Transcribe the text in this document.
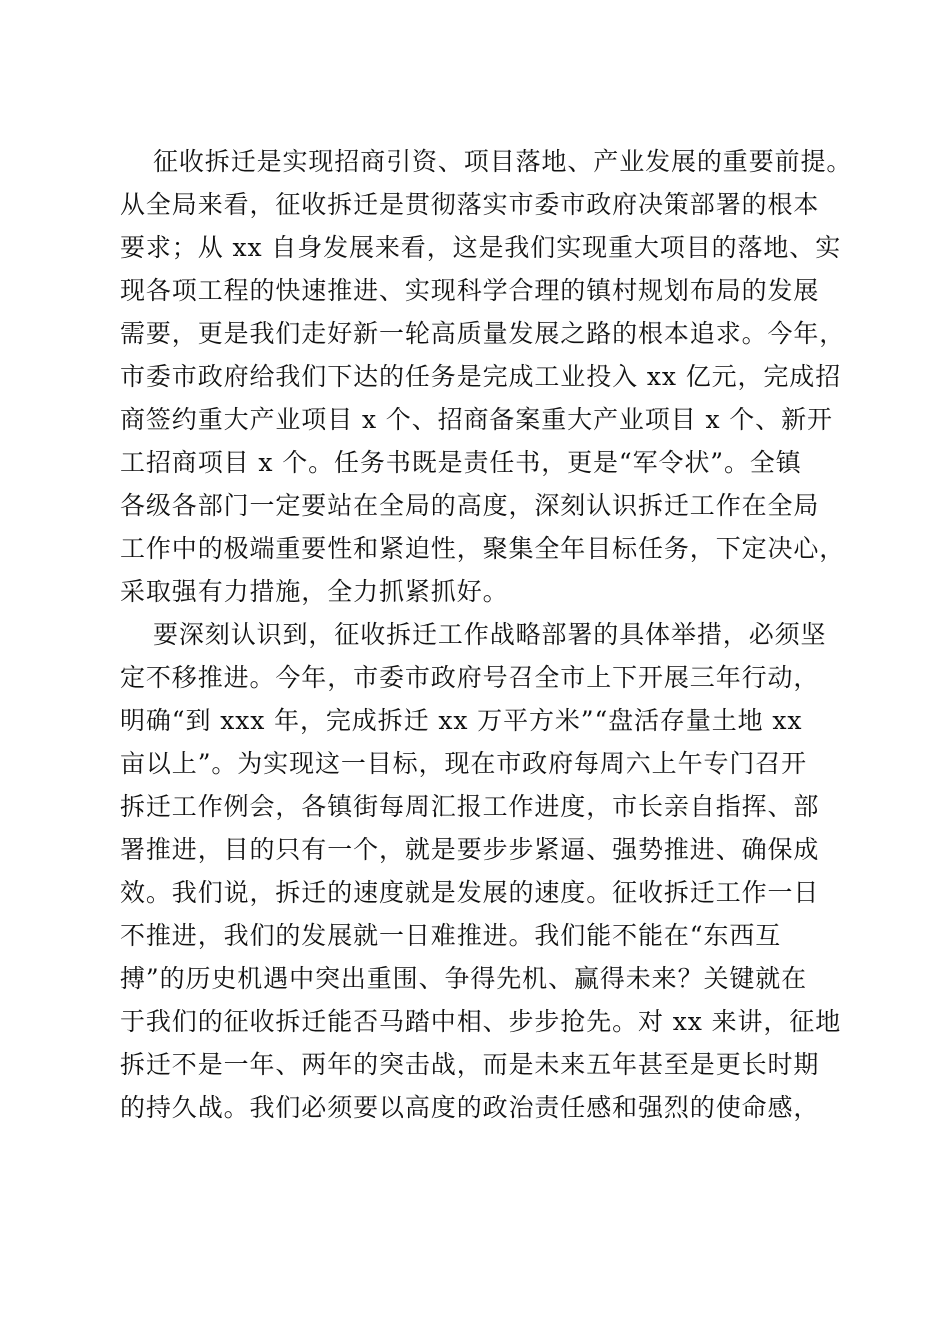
征收拆迁是实现招商引资、项目落地、产业发展的重要前提。
从全局来看，征收拆迁是贯彻落实市委市政府决策部署的根本
要求；从 xx 自身发展来看，这是我们实现重大项目的落地、实
现各项工程的快速推进、实现科学合理的镇村规划布局的发展
需要，更是我们走好新一轮高质量发展之路的根本追求。今年，
市委市政府给我们下达的任务是完成工业投入 xx 亿元，完成招
商签约重大产业项目 x 个、招商备案重大产业项目 x 个、新开
工招商项目 x 个。任务书既是责任书，更是“军令状”。全镇
各级各部门一定要站在全局的高度，深刻认识拆迁工作在全局
工作中的极端重要性和紧迫性，聚集全年目标任务，下定决心，
采取强有力措施，全力抓紧抓好。
要深刻认识到，征收拆迁工作战略部署的具体举措，必须坚
定不移推进。今年，市委市政府号召全市上下开展三年行动，
明确“到 xxx 年，完成拆迁 xx 万平方米”“盘活存量土地 xx
亩以上”。为实现这一目标，现在市政府每周六上午专门召开
拆迁工作例会，各镇街每周汇报工作进度，市长亲自指挥、部
署推进，目的只有一个，就是要步步紧逼、强势推进、确保成
效。我们说，拆迁的速度就是发展的速度。征收拆迁工作一日
不推进，我们的发展就一日难推进。我们能不能在“东西互
搏”的历史机遇中突出重围、争得先机、赢得未来？关键就在
于我们的征收拆迁能否马踏中相、步步抢先。对 xx 来讲，征地
拆迁不是一年、两年的突击战，而是未来五年甚至是更长时期
的持久战。我们必须要以高度的政治责任感和强烈的使命感，
